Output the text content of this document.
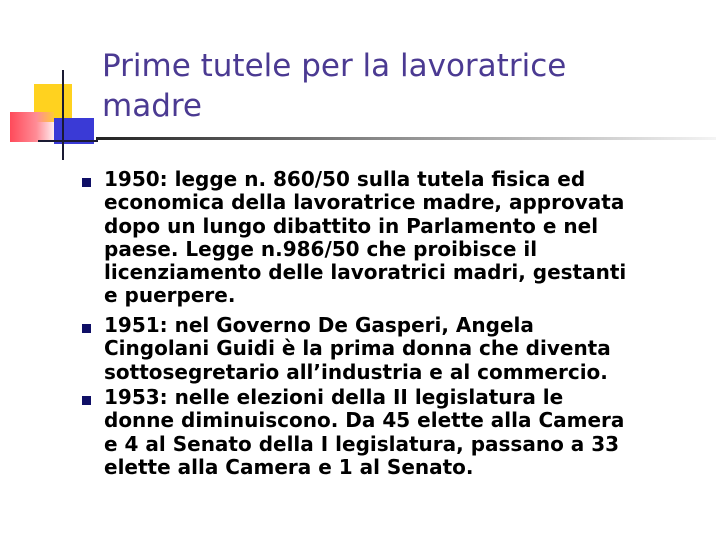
Prime tutele per la lavoratrice
madre

1950: legge n. 860/50 sulla tutela fisica ed
economica della lavoratrice madre, approvata
dopo un lungo dibattito in Parlamento e nel
paese. Legge n.986/50 che proibisce il
licenziamento delle lavoratrici madri, gestanti
e puerpere.

1951: nel Governo De Gasperi, Angela
Cingolani Guidi è la prima donna che diventa
sottosegretario all’industria e al commercio.

1953: nelle elezioni della II legislatura le
donne diminuiscono. Da 45 elette alla Camera
e 4 al Senato della I legislatura, passano a 33
elette alla Camera e 1 al Senato.
